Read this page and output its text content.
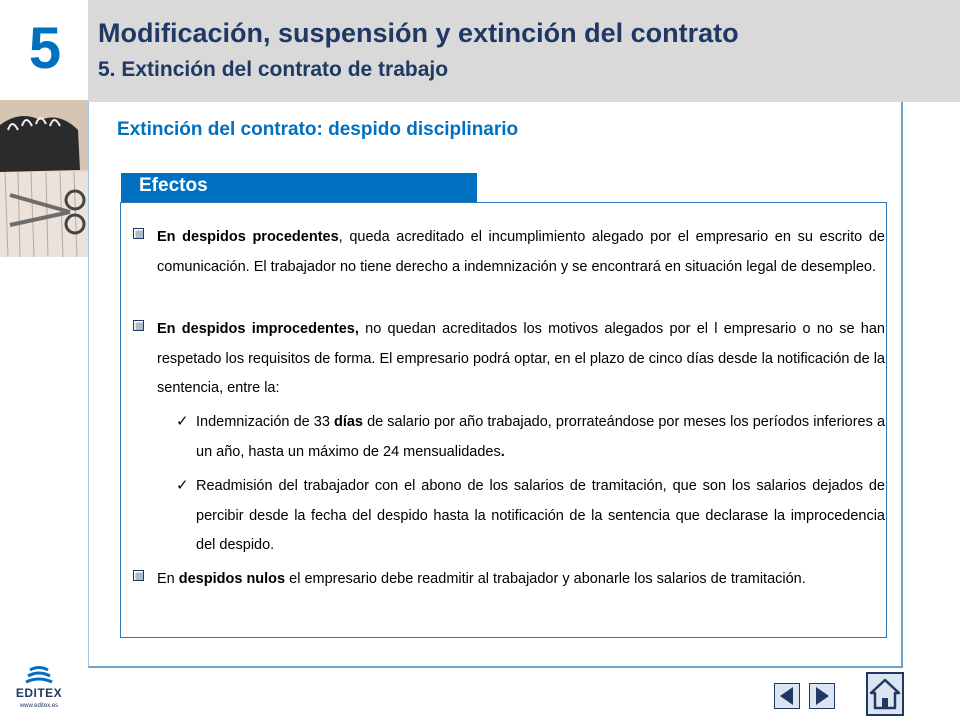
5	Modificación, suspensión y extinción del contrato
5. Extinción del contrato de trabajo
Extinción del contrato: despido disciplinario
Efectos
En despidos procedentes, queda acreditado el incumplimiento alegado por el empresario en su escrito de comunicación. El trabajador no tiene derecho a indemnización y se encontrará en situación legal de desempleo.
En despidos improcedentes, no quedan acreditados los motivos alegados por el l empresario o no se han respetado los requisitos de forma. El empresario podrá optar, en el plazo de cinco días desde la notificación de la sentencia, entre la:
✓ Indemnización de 33 días de salario por año trabajado, prorrateándose por meses los períodos inferiores a un año, hasta un máximo de 24 mensualidades.
✓ Readmisión del trabajador con el abono de los salarios de tramitación, que son los salarios dejados de percibir desde la fecha del despido hasta la notificación de la sentencia que declarase la improcedencia del despido.
En despidos nulos el empresario debe readmitir al trabajador y abonarle los salarios de tramitación.
EDITEX
www.editex.es
